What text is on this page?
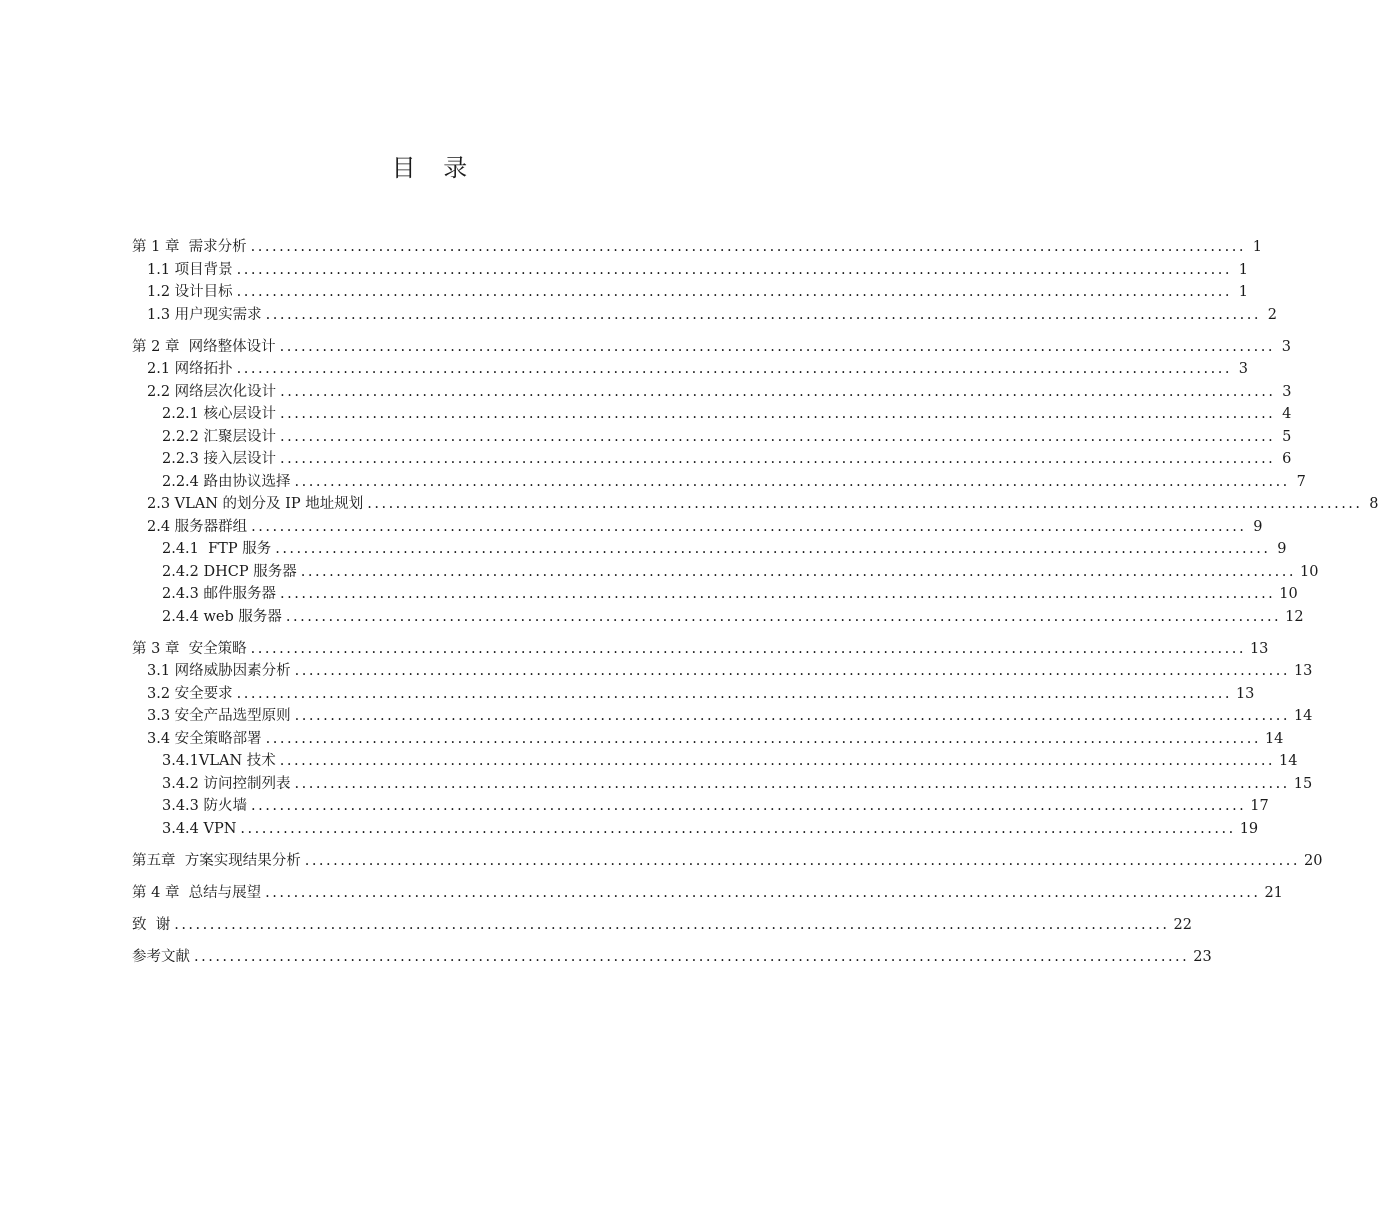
目 录
第 1 章  需求分析 ............................................................................................................................................ 1
1.1 项目背景 ............................................................................................................................................ 1
1.2 设计目标 ............................................................................................................................................ 1
1.3 用户现实需求 ............................................................................................................................................ 2
第 2 章  网络整体设计 ............................................................................................................................................ 3
2.1 网络拓扑 ............................................................................................................................................ 3
2.2 网络层次化设计 ............................................................................................................................................ 3
2.2.1 核心层设计 ............................................................................................................................................ 4
2.2.2 汇聚层设计 ............................................................................................................................................ 5
2.2.3 接入层设计 ............................................................................................................................................ 6
2.2.4 路由协议选择 ............................................................................................................................................ 7
2.3 VLAN 的划分及 IP 地址规划 ............................................................................................................................................ 8
2.4 服务器群组 ............................................................................................................................................ 9
2.4.1  FTP 服务 ............................................................................................................................................ 9
2.4.2 DHCP 服务器 ............................................................................................................................................ 10
2.4.3 邮件服务器 ............................................................................................................................................ 10
2.4.4 web 服务器 ............................................................................................................................................ 12
第 3 章  安全策略 ............................................................................................................................................ 13
3.1 网络威胁因素分析 ............................................................................................................................................ 13
3.2 安全要求 ............................................................................................................................................ 13
3.3 安全产品选型原则 ............................................................................................................................................ 14
3.4 安全策略部署 ............................................................................................................................................ 14
3.4.1VLAN 技术 ............................................................................................................................................ 14
3.4.2 访问控制列表 ............................................................................................................................................ 15
3.4.3 防火墙 ............................................................................................................................................ 17
3.4.4 VPN ............................................................................................................................................ 19
第五章  方案实现结果分析 ............................................................................................................................................ 20
第 4 章  总结与展望 ............................................................................................................................................ 21
致  谢 ............................................................................................................................................ 22
参考文献 ............................................................................................................................................ 23
